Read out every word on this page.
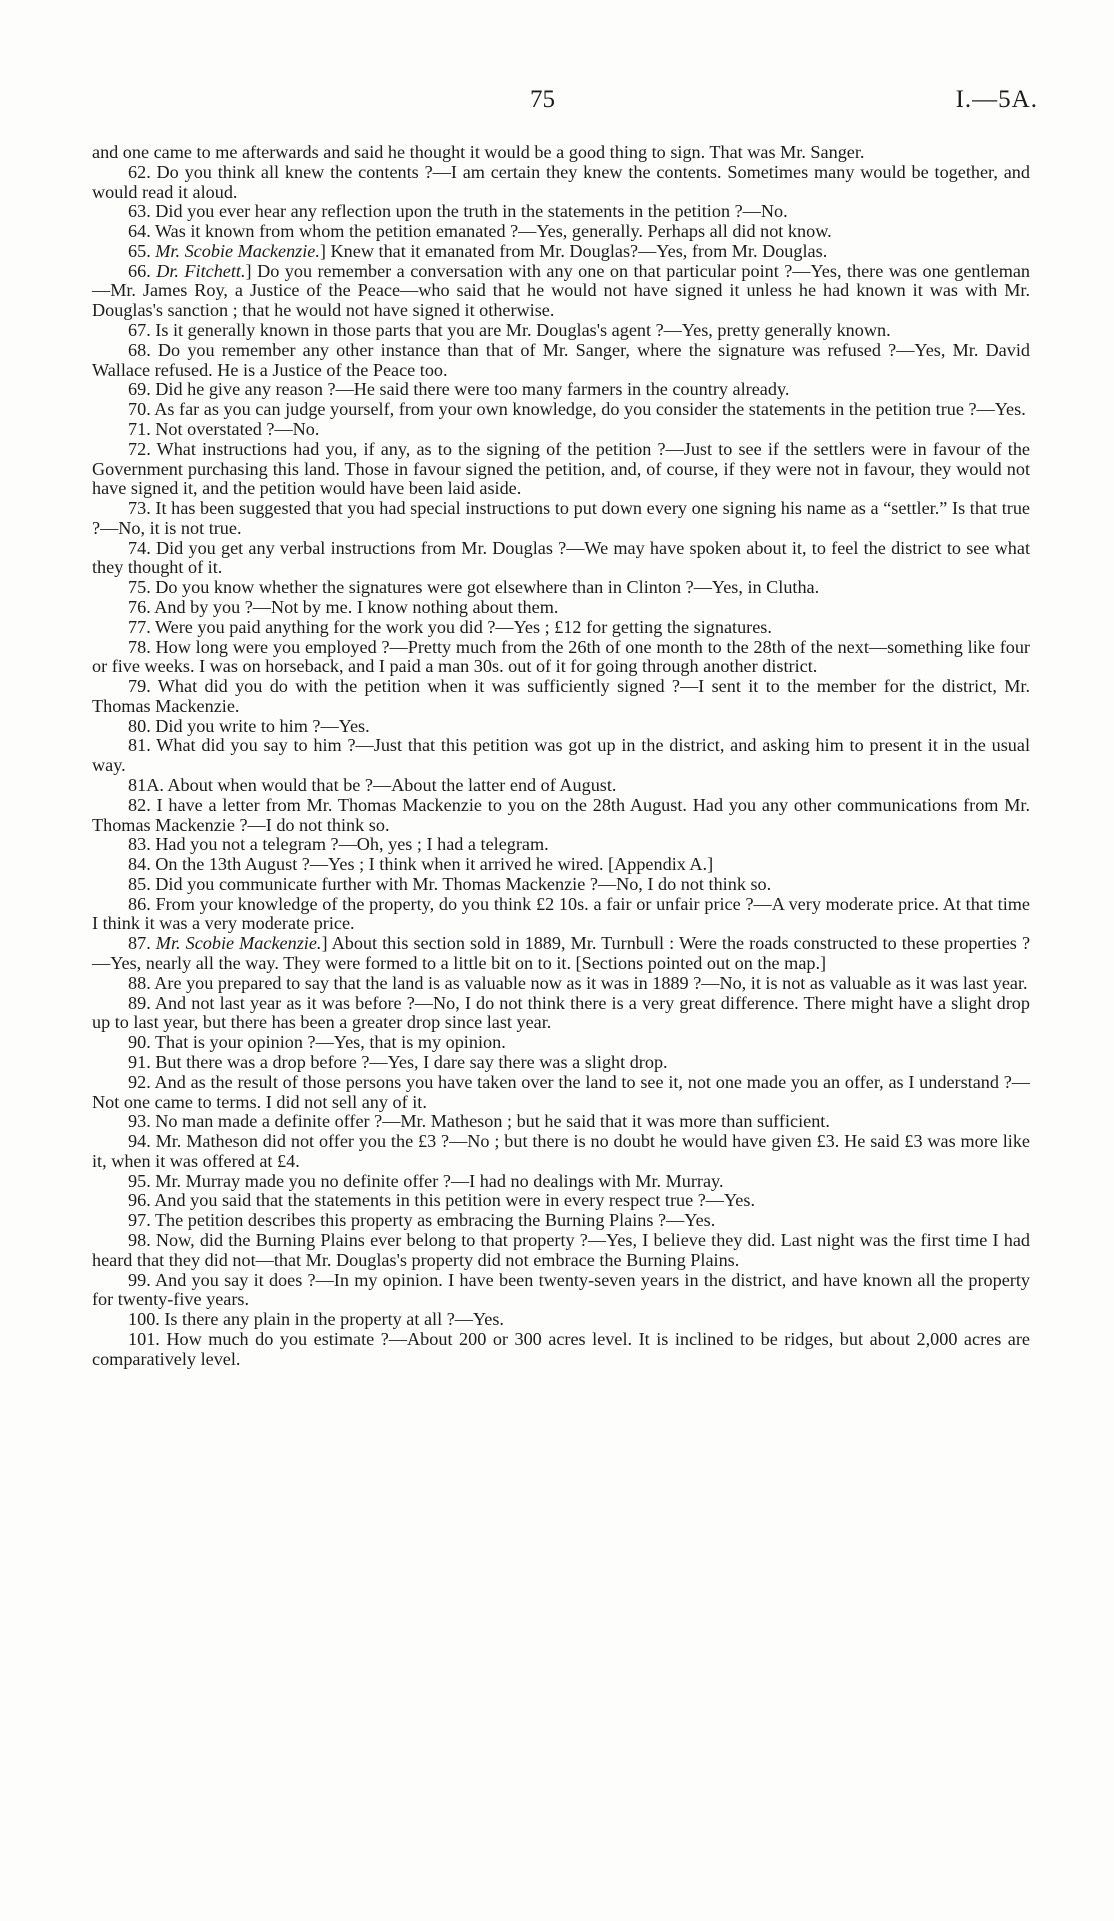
75	I.—5A.

and one came to me afterwards and said he thought it would be a good thing to sign. That was Mr. Sanger.

62. Do you think all knew the contents ?—I am certain they knew the contents. Sometimes many would be together, and would read it aloud.

63. Did you ever hear any reflection upon the truth in the statements in the petition ?—No.

64. Was it known from whom the petition emanated ?—Yes, generally. Perhaps all did not know.

65. Mr. Scobie Mackenzie.] Knew that it emanated from Mr. Douglas?—Yes, from Mr. Douglas.

66. Dr. Fitchett.] Do you remember a conversation with any one on that particular point ?—Yes, there was one gentleman—Mr. James Roy, a Justice of the Peace—who said that he would not have signed it unless he had known it was with Mr. Douglas's sanction ; that he would not have signed it otherwise.

67. Is it generally known in those parts that you are Mr. Douglas's agent ?—Yes, pretty generally known.

68. Do you remember any other instance than that of Mr. Sanger, where the signature was refused ?—Yes, Mr. David Wallace refused. He is a Justice of the Peace too.

69. Did he give any reason ?—He said there were too many farmers in the country already.

70. As far as you can judge yourself, from your own knowledge, do you consider the statements in the petition true ?—Yes.

71. Not overstated ?—No.

72. What instructions had you, if any, as to the signing of the petition ?—Just to see if the settlers were in favour of the Government purchasing this land. Those in favour signed the petition, and, of course, if they were not in favour, they would not have signed it, and the petition would have been laid aside.

73. It has been suggested that you had special instructions to put down every one signing his name as a “settler.” Is that true ?—No, it is not true.

74. Did you get any verbal instructions from Mr. Douglas ?—We may have spoken about it, to feel the district to see what they thought of it.

75. Do you know whether the signatures were got elsewhere than in Clinton ?—Yes, in Clutha.

76. And by you ?—Not by me. I know nothing about them.

77. Were you paid anything for the work you did ?—Yes ; £12 for getting the signatures.

78. How long were you employed ?—Pretty much from the 26th of one month to the 28th of the next—something like four or five weeks. I was on horseback, and I paid a man 30s. out of it for going through another district.

79. What did you do with the petition when it was sufficiently signed ?—I sent it to the member for the district, Mr. Thomas Mackenzie.

80. Did you write to him ?—Yes.

81. What did you say to him ?—Just that this petition was got up in the district, and asking him to present it in the usual way.

81A. About when would that be ?—About the latter end of August.

82. I have a letter from Mr. Thomas Mackenzie to you on the 28th August. Had you any other communications from Mr. Thomas Mackenzie ?—I do not think so.

83. Had you not a telegram ?—Oh, yes ; I had a telegram.

84. On the 13th August ?—Yes ; I think when it arrived he wired. [Appendix A.]

85. Did you communicate further with Mr. Thomas Mackenzie ?—No, I do not think so.

86. From your knowledge of the property, do you think £2 10s. a fair or unfair price ?—A very moderate price. At that time I think it was a very moderate price.

87. Mr. Scobie Mackenzie.] About this section sold in 1889, Mr. Turnbull : Were the roads constructed to these properties ?—Yes, nearly all the way. They were formed to a little bit on to it. [Sections pointed out on the map.]

88. Are you prepared to say that the land is as valuable now as it was in 1889 ?—No, it is not as valuable as it was last year.

89. And not last year as it was before ?—No, I do not think there is a very great difference. There might have a slight drop up to last year, but there has been a greater drop since last year.

90. That is your opinion ?—Yes, that is my opinion.

91. But there was a drop before ?—Yes, I dare say there was a slight drop.

92. And as the result of those persons you have taken over the land to see it, not one made you an offer, as I understand ?—Not one came to terms. I did not sell any of it.

93. No man made a definite offer ?—Mr. Matheson ; but he said that it was more than sufficient.

94. Mr. Matheson did not offer you the £3 ?—No ; but there is no doubt he would have given £3. He said £3 was more like it, when it was offered at £4.

95. Mr. Murray made you no definite offer ?—I had no dealings with Mr. Murray.

96. And you said that the statements in this petition were in every respect true ?—Yes.

97. The petition describes this property as embracing the Burning Plains ?—Yes.

98. Now, did the Burning Plains ever belong to that property ?—Yes, I believe they did. Last night was the first time I had heard that they did not—that Mr. Douglas's property did not embrace the Burning Plains.

99. And you say it does ?—In my opinion. I have been twenty-seven years in the district, and have known all the property for twenty-five years.

100. Is there any plain in the property at all ?—Yes.

101. How much do you estimate ?—About 200 or 300 acres level. It is inclined to be ridges, but about 2,000 acres are comparatively level.
